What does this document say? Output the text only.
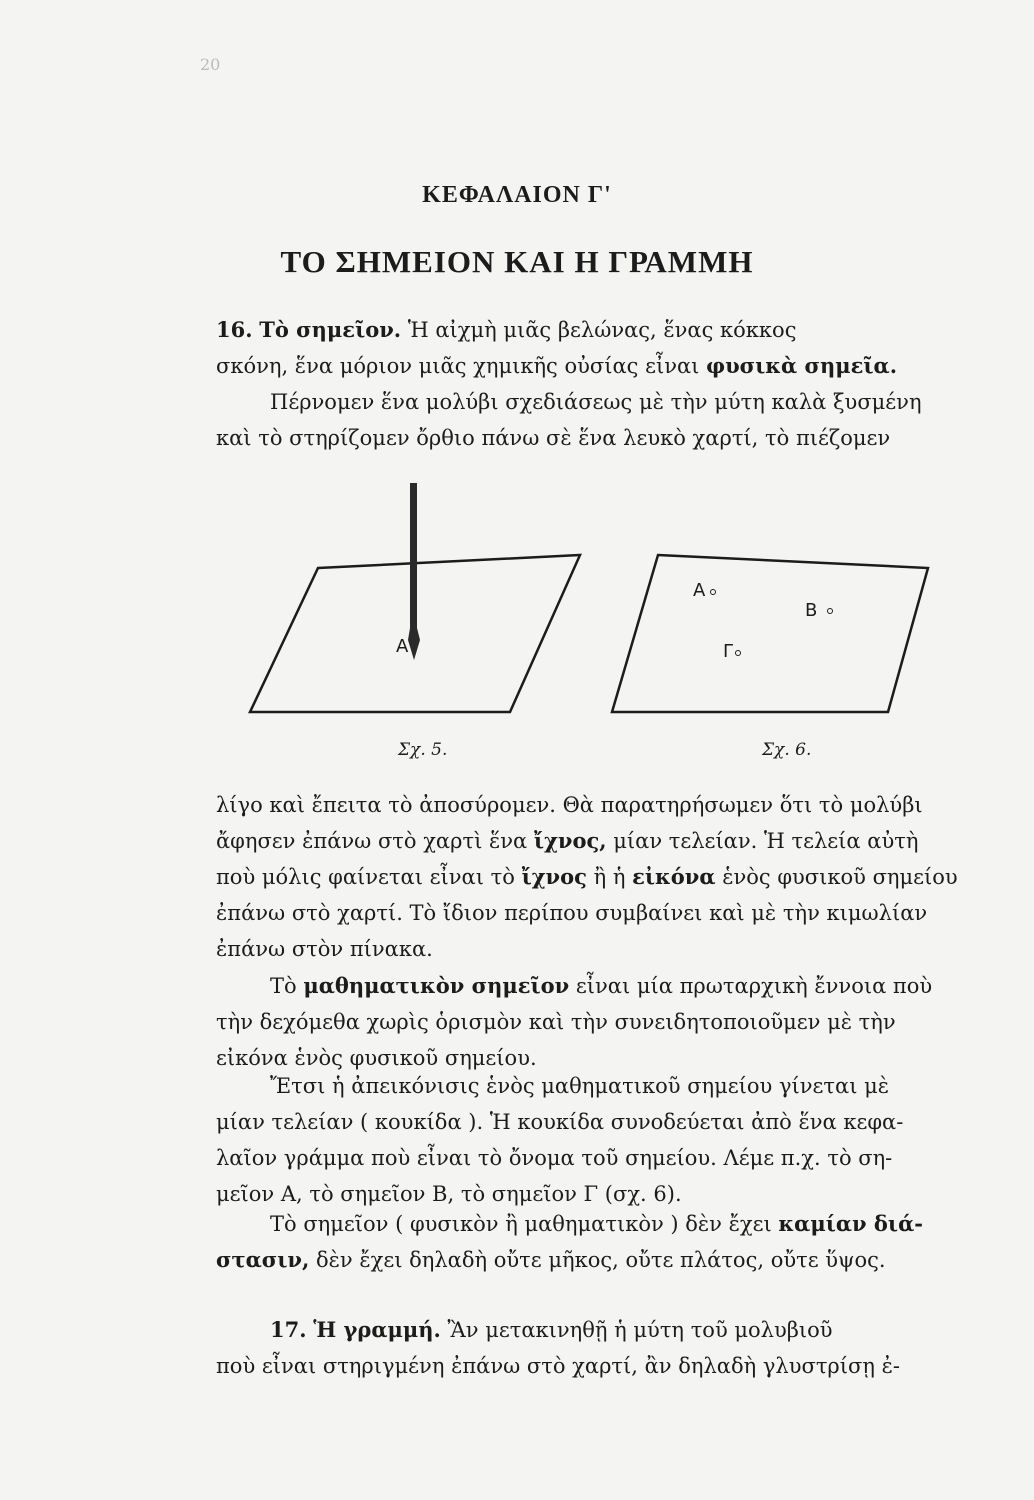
20
ΚΕΦΑΛΑΙΟΝ Γ'
ΤΟ ΣΗΜΕΙΟΝ ΚΑΙ Η ΓΡΑΜΜΗ
16. Τὸ σημεῖον. Ἡ αἰχμὴ μιᾶς βελώνας, ἕνας κόκκος
σκόνη, ἕνα μόριον μιᾶς χημικῆς οὐσίας εἶναι φυσικὰ σημεῖα.
Πέρνομεν ἕνα μολύβι σχεδιάσεως μὲ τὴν μύτη καλὰ ξυσμένη
καὶ τὸ στηρίζομεν ὄρθιο πάνω σὲ ἕνα λευκὸ χαρτί, τὸ πιέζομεν
A
A
B
Γ
Σχ. 5.	Σχ. 6.
λίγο καὶ ἔπειτα τὸ ἀποσύρομεν. Θὰ παρατηρήσωμεν ὅτι τὸ μολύβι
ἄφησεν ἐπάνω στὸ χαρτὶ ἕνα ἴχνος, μίαν τελείαν. Ἡ τελεία αὐτὴ
ποὺ μόλις φαίνεται εἶναι τὸ ἴχνος ἢ ἡ εἰκόνα ἑνὸς φυσικοῦ σημείου
ἐπάνω στὸ χαρτί. Τὸ ἴδιον περίπου συμβαίνει καὶ μὲ τὴν κιμωλίαν
ἐπάνω στὸν πίνακα.
Τὸ μαθηματικὸν σημεῖον εἶναι μία πρωταρχικὴ ἔννοια ποὺ
τὴν δεχόμεθα χωρὶς ὁρισμὸν καὶ τὴν συνειδητοποιοῦμεν μὲ τὴν
εἰκόνα ἑνὸς φυσικοῦ σημείου.
Ἔτσι ἡ ἀπεικόνισις ἑνὸς μαθηματικοῦ σημείου γίνεται μὲ
μίαν τελείαν ( κουκίδα ). Ἡ κουκίδα συνοδεύεται ἀπὸ ἕνα κεφα-
λαῖον γράμμα ποὺ εἶναι τὸ ὄνομα τοῦ σημείου. Λέμε π.χ. τὸ ση-
μεῖον Α, τὸ σημεῖον Β, τὸ σημεῖον Γ (σχ. 6).
Τὸ σημεῖον ( φυσικὸν ἢ μαθηματικὸν ) δὲν ἔχει καμίαν διά-
στασιν, δὲν ἔχει δηλαδὴ οὔτε μῆκος, οὔτε πλάτος, οὔτε ὕψος.
17. Ἡ γραμμή. Ἂν μετακινηθῇ ἡ μύτη τοῦ μολυβιοῦ
ποὺ εἶναι στηριγμένη ἐπάνω στὸ χαρτί, ἂν δηλαδὴ γλυστρίσῃ ἐ-
